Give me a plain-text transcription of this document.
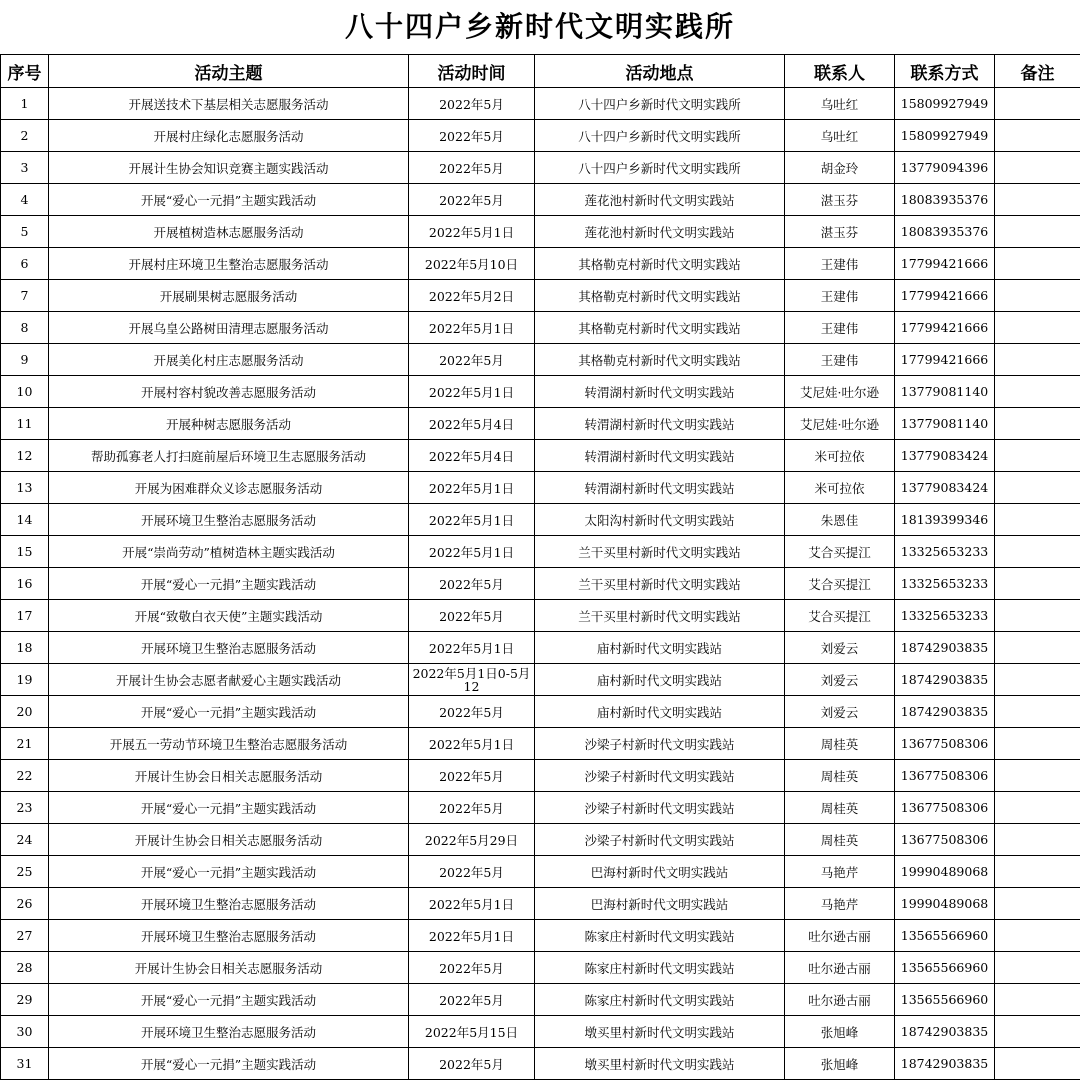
八十四户乡新时代文明实践所
序号	活动主题	活动时间	活动地点	联系人	联系方式	备注
1	开展送技术下基层相关志愿服务活动	2022年5月	八十四户乡新时代文明实践所	乌吐红	15809927949	
2	开展村庄绿化志愿服务活动	2022年5月	八十四户乡新时代文明实践所	乌吐红	15809927949	
3	开展计生协会知识竞赛主题实践活动	2022年5月	八十四户乡新时代文明实践所	胡金玲	13779094396	
4	开展“爱心一元捐”主题实践活动	2022年5月	莲花池村新时代文明实践站	湛玉芬	18083935376	
5	开展植树造林志愿服务活动	2022年5月1日	莲花池村新时代文明实践站	湛玉芬	18083935376	
6	开展村庄环境卫生整治志愿服务活动	2022年5月10日	其格勒克村新时代文明实践站	王建伟	17799421666	
7	开展刷果树志愿服务活动	2022年5月2日	其格勒克村新时代文明实践站	王建伟	17799421666	
8	开展乌皇公路树田清理志愿服务活动	2022年5月1日	其格勒克村新时代文明实践站	王建伟	17799421666	
9	开展美化村庄志愿服务活动	2022年5月	其格勒克村新时代文明实践站	王建伟	17799421666	
10	开展村容村貌改善志愿服务活动	2022年5月1日	转渭湖村新时代文明实践站	艾尼娃·吐尔逊	13779081140	
11	开展种树志愿服务活动	2022年5月4日	转渭湖村新时代文明实践站	艾尼娃·吐尔逊	13779081140	
12	帮助孤寡老人打扫庭前屋后环境卫生志愿服务活动	2022年5月4日	转渭湖村新时代文明实践站	米可拉依	13779083424	
13	开展为困难群众义诊志愿服务活动	2022年5月1日	转渭湖村新时代文明实践站	米可拉依	13779083424	
14	开展环境卫生整治志愿服务活动	2022年5月1日	太阳沟村新时代文明实践站	朱恩佳	18139399346	
15	开展“崇尚劳动”植树造林主题实践活动	2022年5月1日	兰干买里村新时代文明实践站	艾合买提江	13325653233	
16	开展“爱心一元捐”主题实践活动	2022年5月	兰干买里村新时代文明实践站	艾合买提江	13325653233	
17	开展“致敬白衣天使”主题实践活动	2022年5月	兰干买里村新时代文明实践站	艾合买提江	13325653233	
18	开展环境卫生整治志愿服务活动	2022年5月1日	庙村新时代文明实践站	刘爱云	18742903835	
19	开展计生协会志愿者献爱心主题实践活动	2022年5月1日0-5月12	庙村新时代文明实践站	刘爱云	18742903835	
20	开展“爱心一元捐”主题实践活动	2022年5月	庙村新时代文明实践站	刘爱云	18742903835	
21	开展五一劳动节环境卫生整治志愿服务活动	2022年5月1日	沙梁子村新时代文明实践站	周桂英	13677508306	
22	开展计生协会日相关志愿服务活动	2022年5月	沙梁子村新时代文明实践站	周桂英	13677508306	
23	开展“爱心一元捐”主题实践活动	2022年5月	沙梁子村新时代文明实践站	周桂英	13677508306	
24	开展计生协会日相关志愿服务活动	2022年5月29日	沙梁子村新时代文明实践站	周桂英	13677508306	
25	开展“爱心一元捐”主题实践活动	2022年5月	巴海村新时代文明实践站	马艳芹	19990489068	
26	开展环境卫生整治志愿服务活动	2022年5月1日	巴海村新时代文明实践站	马艳芹	19990489068	
27	开展环境卫生整治志愿服务活动	2022年5月1日	陈家庄村新时代文明实践站	吐尔逊古丽	13565566960	
28	开展计生协会日相关志愿服务活动	2022年5月	陈家庄村新时代文明实践站	吐尔逊古丽	13565566960	
29	开展“爱心一元捐”主题实践活动	2022年5月	陈家庄村新时代文明实践站	吐尔逊古丽	13565566960	
30	开展环境卫生整治志愿服务活动	2022年5月15日	墩买里村新时代文明实践站	张旭峰	18742903835	
31	开展“爱心一元捐”主题实践活动	2022年5月	墩买里村新时代文明实践站	张旭峰	18742903835	
